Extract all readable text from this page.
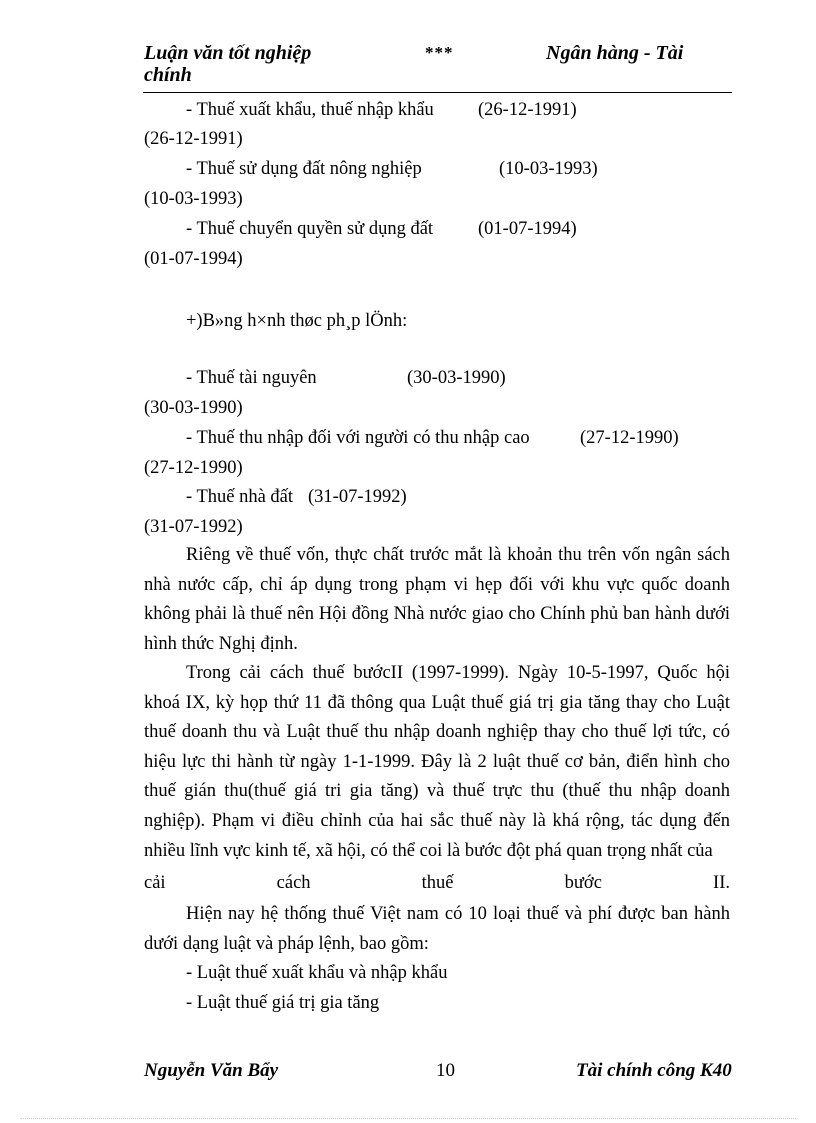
Luận văn tốt nghiệp
chính
***	Ngân hàng - Tài
- Thuế xuất khẩu, thuế nhập khẩu (26-12-1991)
(26-12-1991)
- Thuế sử dụng đất nông nghiệp	(10-03-1993)
(10-03-1993)
- Thuế chuyển quyền sử dụng đất (01-07-1994)
(01-07-1994)
+)B»ng h×nh thøc ph¸p lÖnh:
- Thuế tài nguyên	(30-03-1990)
(30-03-1990)
- Thuế thu nhập đối với người có thu nhập cao	(27-12-1990)
(27-12-1990)
- Thuế nhà đất (31-07-1992)
(31-07-1992)
Riêng về thuế vốn, thực chất trước mắt là khoản thu trên vốn ngân sách nhà nước cấp, chỉ áp dụng trong phạm vi hẹp đối với khu vực quốc doanh không phải là thuế nên Hội đồng Nhà nước giao cho Chính phủ ban hành dưới hình thức Nghị định.
Trong cải cách thuế bướcII (1997-1999). Ngày 10-5-1997, Quốc hội khoá IX, kỳ họp thứ 11 đã thông qua Luật thuế giá trị gia tăng thay cho Luật thuế doanh thu và Luật thuế thu nhập doanh nghiệp thay cho thuế lợi tức, có hiệu lực thi hành từ ngày 1-1-1999. Đây là 2 luật thuế cơ bản, điển hình cho thuế gián thu(thuế giá tri gia tăng) và thuế trực thu (thuế thu nhập doanh nghiệp). Phạm vi điều chỉnh của hai sắc thuế này là khá rộng, tác dụng đến nhiều lĩnh vực kinh tế, xã hội, có thể coi là bước đột phá quan trọng nhất của
cải	cách	thuế	bước	II.
Hiện nay hệ thống thuế Việt nam có 10 loại thuế và phí được ban hành dưới dạng luật và pháp lệnh, bao gồm:
- Luật thuế xuất khẩu và nhập khẩu
- Luật thuế giá trị gia tăng
Nguyễn Văn Bẩy	10	Tài chính công K40
